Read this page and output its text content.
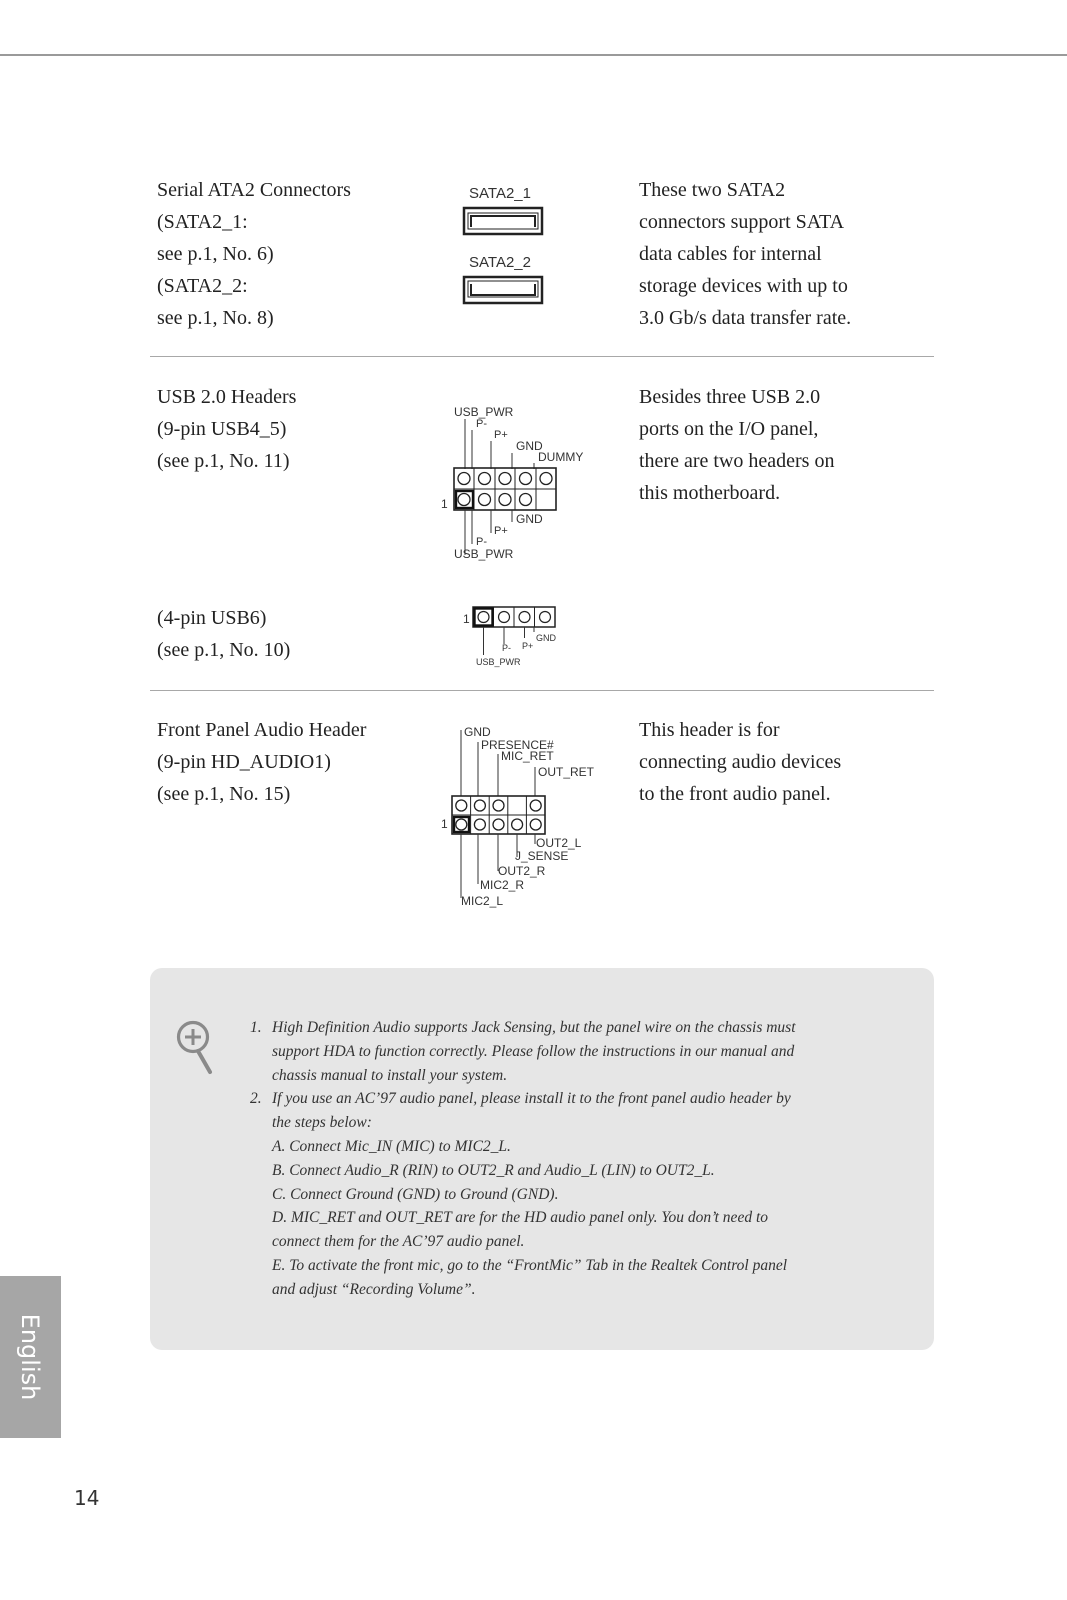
Serial ATA2 Connectors
(SATA2_1:
see p.1, No. 6)
(SATA2_2:
see p.1, No. 8)
These two SATA2
connectors support SATA
data cables for internal
storage devices with up to
3.0 Gb/s data transfer rate.
SATA2_1
SATA2_2
USB 2.0 Headers
(9-pin USB4_5)
(see p.1, No. 11)
Besides three USB 2.0
ports on the I/O panel,
there are two headers on
this motherboard.
USB_PWR
P-
P+
GND
DUMMY
1
GND
P+
P-
USB_PWR
(4-pin USB6)
(see p.1, No. 10)
1
GND
P+
P-
USB_PWR
Front Panel Audio Header
(9-pin HD_AUDIO1)
(see p.1, No. 15)
This header is for
connecting audio devices
to the front audio panel.
GND
PRESENCE#
MIC_RET
OUT_RET
1
OUT2_L
J_SENSE
OUT2_R
MIC2_R
MIC2_L
1. High Definition Audio supports Jack Sensing, but the panel wire on the chassis must
support HDA to function correctly. Please follow the instructions in our manual and
chassis manual to install your system.
2. If you use an AC’97 audio panel, please install it to the front panel audio header by
the steps below:
A. Connect Mic_IN (MIC) to MIC2_L.
B. Connect Audio_R (RIN) to OUT2_R and Audio_L (LIN) to OUT2_L.
C. Connect Ground (GND) to Ground (GND).
D. MIC_RET and OUT_RET are for the HD audio panel only. You don’t need to
connect them for the AC’97 audio panel.
E. To activate the front mic, go to the “FrontMic” Tab in the Realtek Control panel
and adjust “Recording Volume”.
English
14
